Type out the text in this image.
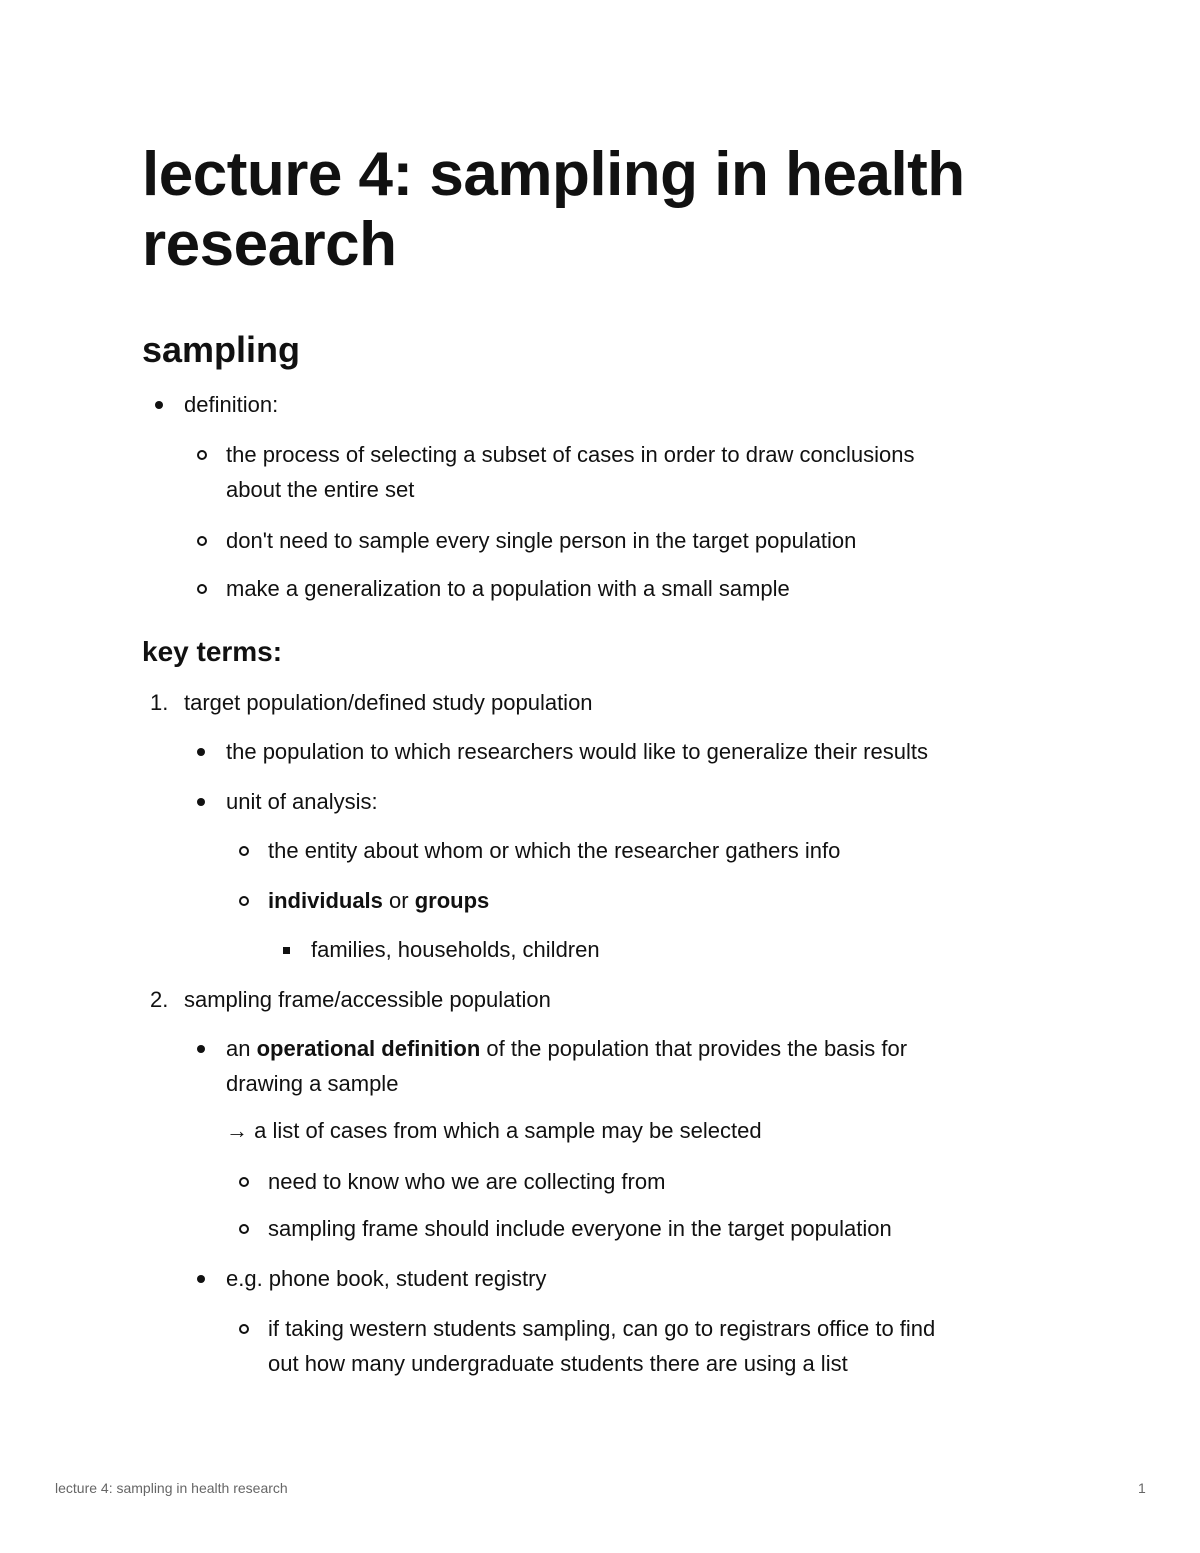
lecture 4: sampling in health research
sampling
definition:
the process of selecting a subset of cases in order to draw conclusions
about the entire set
don't need to sample every single person in the target population
make a generalization to a population with a small sample
key terms:
1. target population/defined study population
the population to which researchers would like to generalize their results
unit of analysis:
the entity about whom or which the researcher gathers info
individuals or groups
families, households, children
2. sampling frame/accessible population
an operational definition of the population that provides the basis for
drawing a sample
→ a list of cases from which a sample may be selected
need to know who we are collecting from
sampling frame should include everyone in the target population
e.g. phone book, student registry
if taking western students sampling, can go to registrars office to find
out how many undergraduate students there are using a list
lecture 4: sampling in health research	1
